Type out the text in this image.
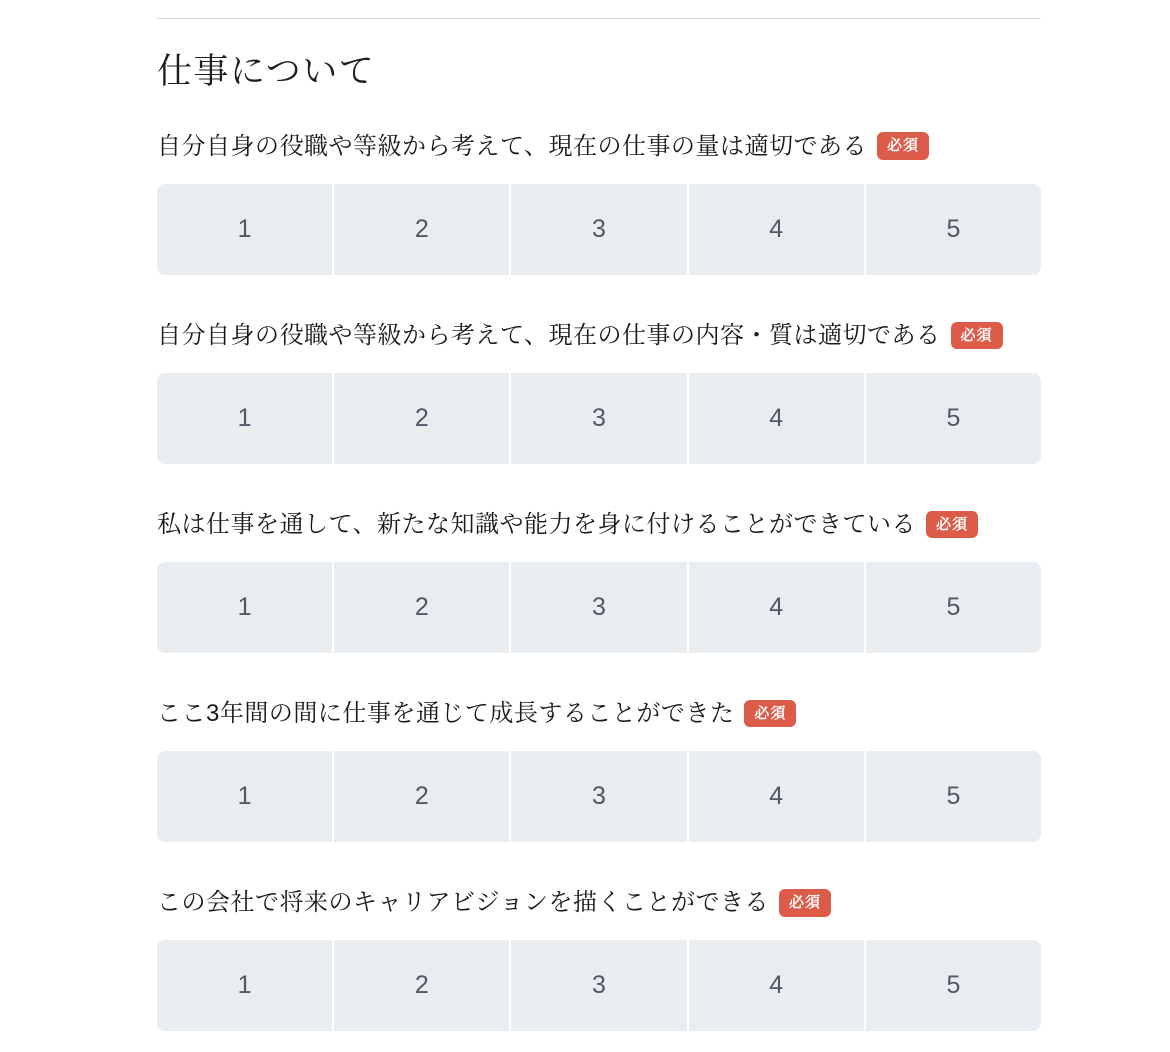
仕事について
自分自身の役職や等級から考えて、現在の仕事の量は適切である	必須
1	2	3	4	5
自分自身の役職や等級から考えて、現在の仕事の内容・質は適切である	必須
1	2	3	4	5
私は仕事を通して、新たな知識や能力を身に付けることができている	必須
1	2	3	4	5
ここ3年間の間に仕事を通じて成長することができた	必須
1	2	3	4	5
この会社で将来のキャリアビジョンを描くことができる	必須
1	2	3	4	5
